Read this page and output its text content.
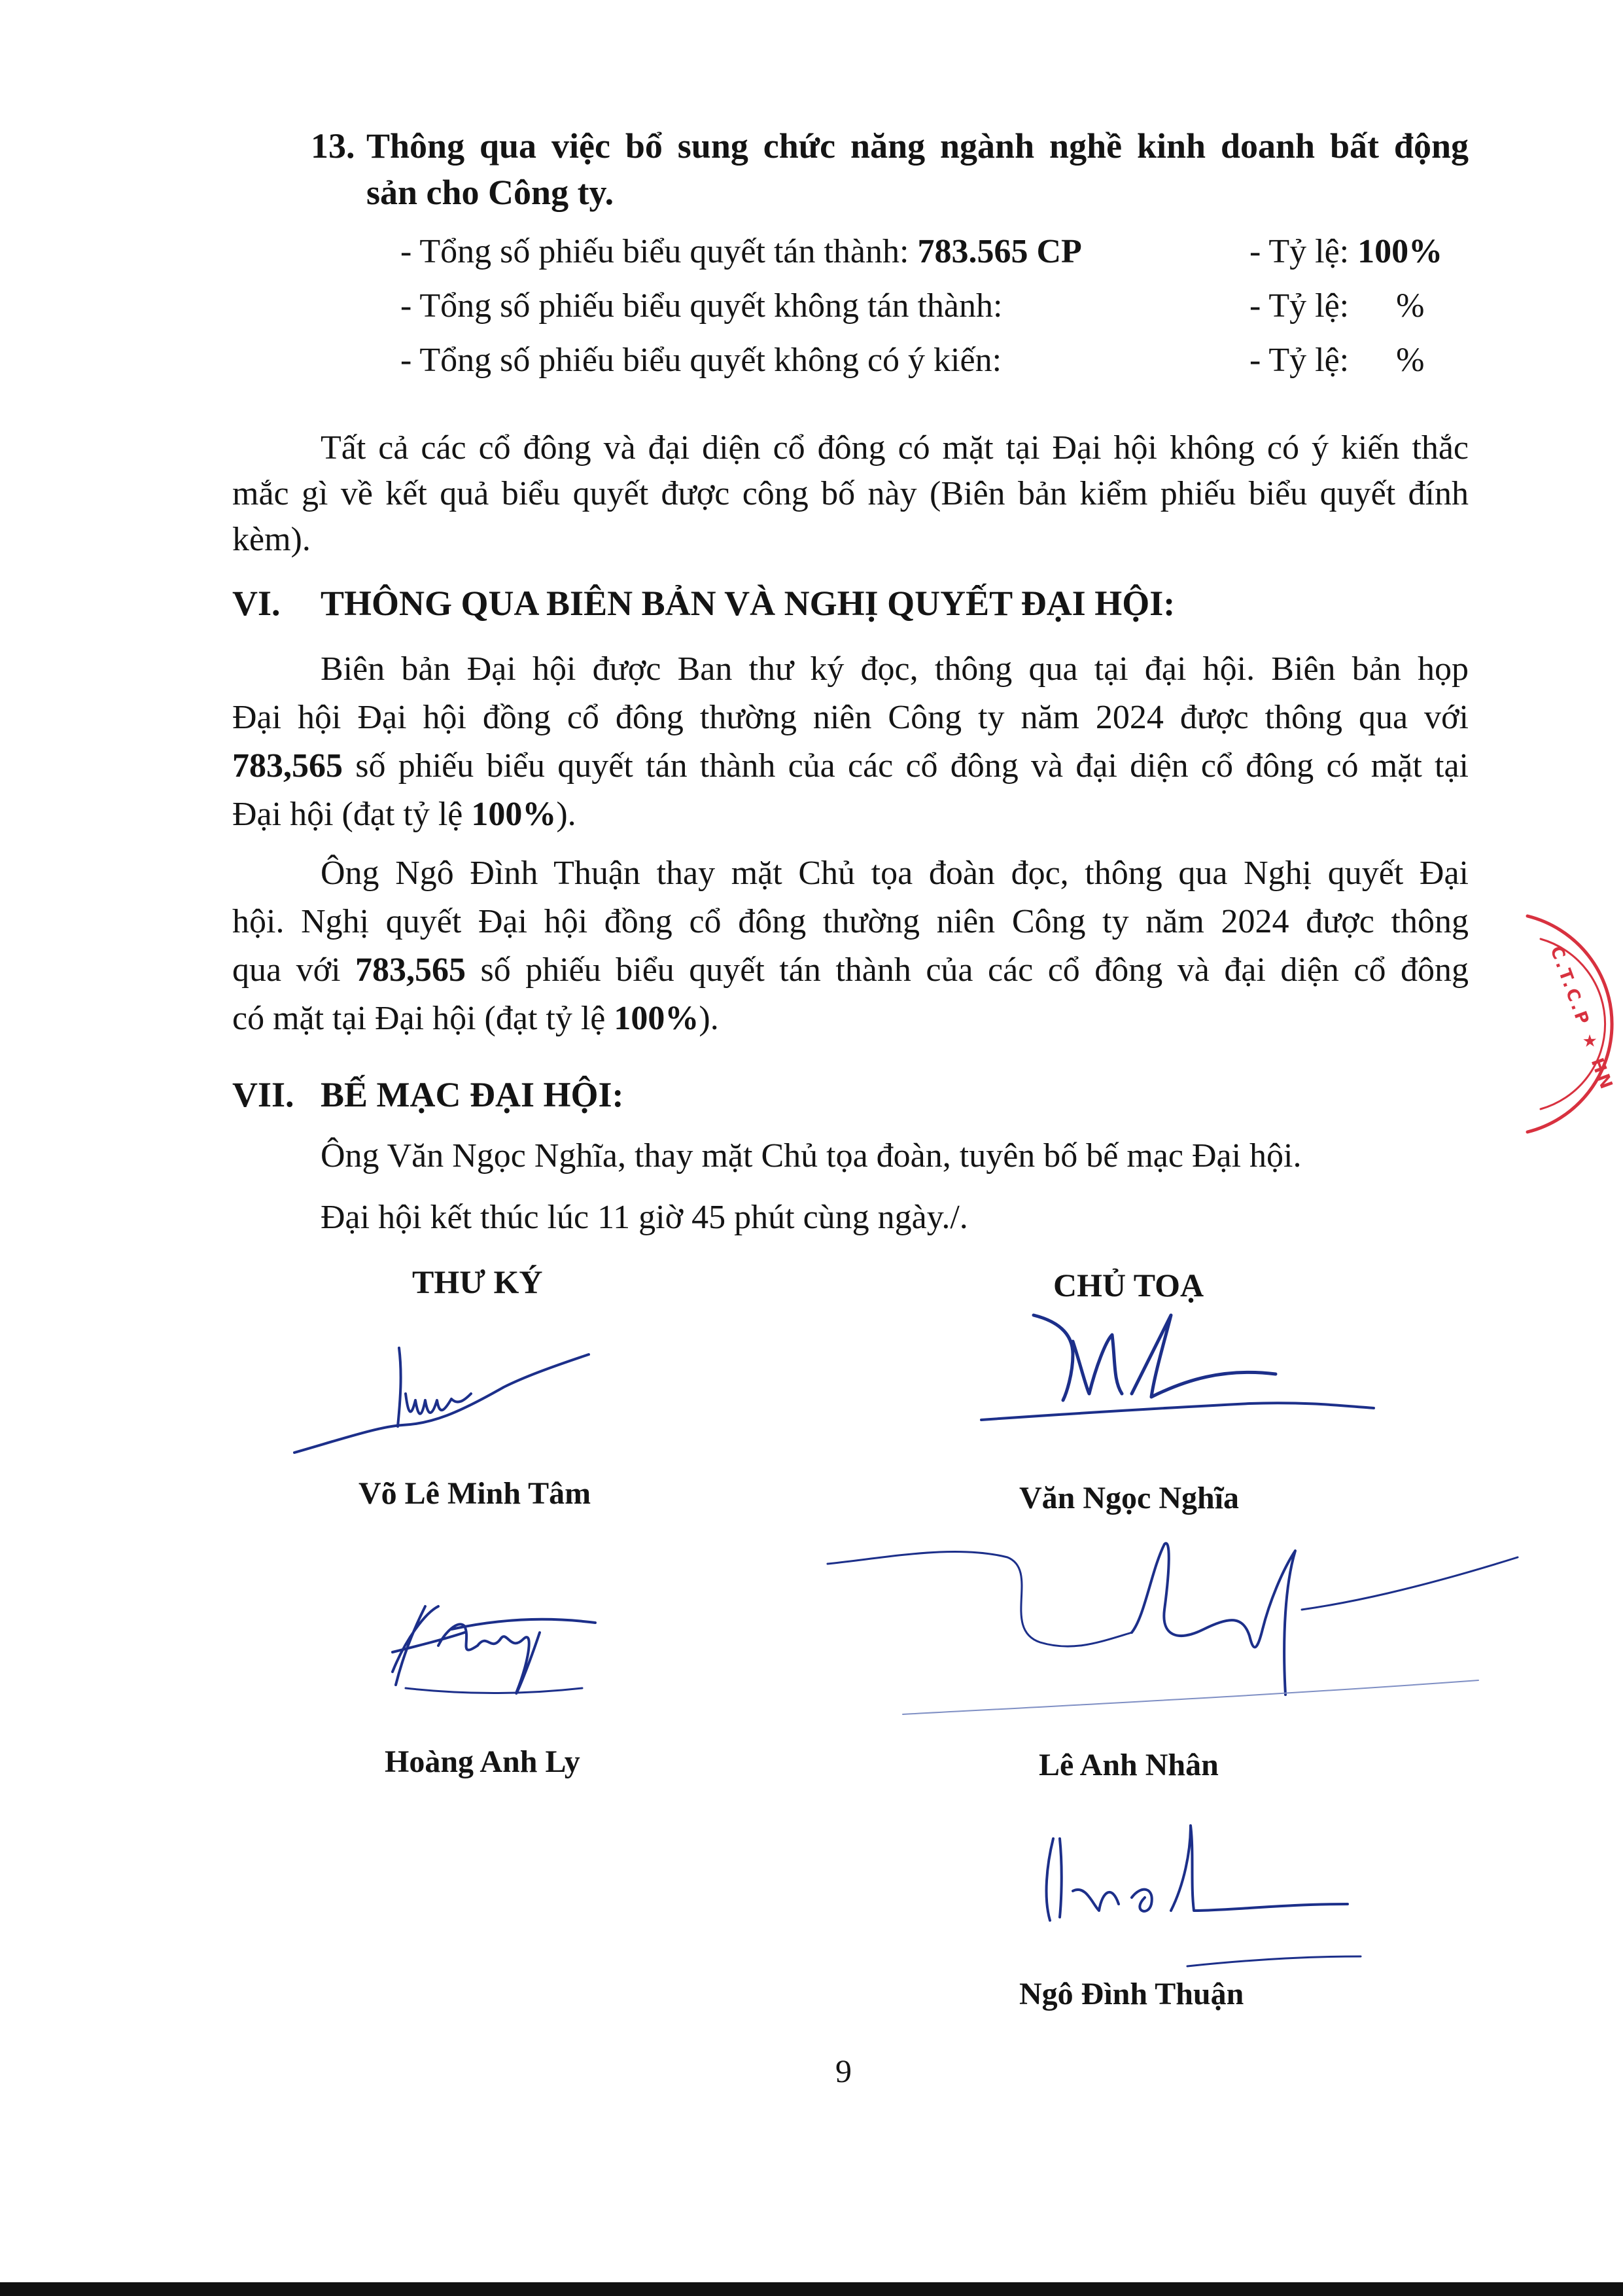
13. Thông qua việc bổ sung chức năng ngành nghề kinh doanh bất động
sản cho Công ty.
- Tổng số phiếu biểu quyết tán thành: 783.565 CP	- Tỷ lệ: 100%
- Tổng số phiếu biểu quyết không tán thành:	- Tỷ lệ: %
- Tổng số phiếu biểu quyết không có ý kiến:	- Tỷ lệ: %
Tất cả các cổ đông và đại diện cổ đông có mặt tại Đại hội không có ý kiến thắc
mắc gì về kết quả biểu quyết được công bố này (Biên bản kiểm phiếu biểu quyết đính
kèm).
VI. THÔNG QUA BIÊN BẢN VÀ NGHỊ QUYẾT ĐẠI HỘI:
Biên bản Đại hội được Ban thư ký đọc, thông qua tại đại hội. Biên bản họp
Đại hội Đại hội đồng cổ đông thường niên Công ty năm 2024 được thông qua với
783,565 số phiếu biểu quyết tán thành của các cổ đông và đại diện cổ đông có mặt tại
Đại hội (đạt tỷ lệ 100%).
Ông Ngô Đình Thuận thay mặt Chủ tọa đoàn đọc, thông qua Nghị quyết Đại
hội. Nghị quyết Đại hội đồng cổ đông thường niên Công ty năm 2024 được thông
qua với 783,565 số phiếu biểu quyết tán thành của các cổ đông và đại diện cổ đông
có mặt tại Đại hội (đạt tỷ lệ 100%).
VII. BẾ MẠC ĐẠI HỘI:
Ông Văn Ngọc Nghĩa, thay mặt Chủ tọa đoàn, tuyên bố bế mạc Đại hội.
Đại hội kết thúc lúc 11 giờ 45 phút cùng ngày./.
THƯ KÝ	CHỦ TOẠ
Võ Lê Minh Tâm
Hoàng Anh Ly
Văn Ngọc Nghĩa
Lê Anh Nhân
Ngô Đình Thuận
C.T.C.P ★ HN
9
